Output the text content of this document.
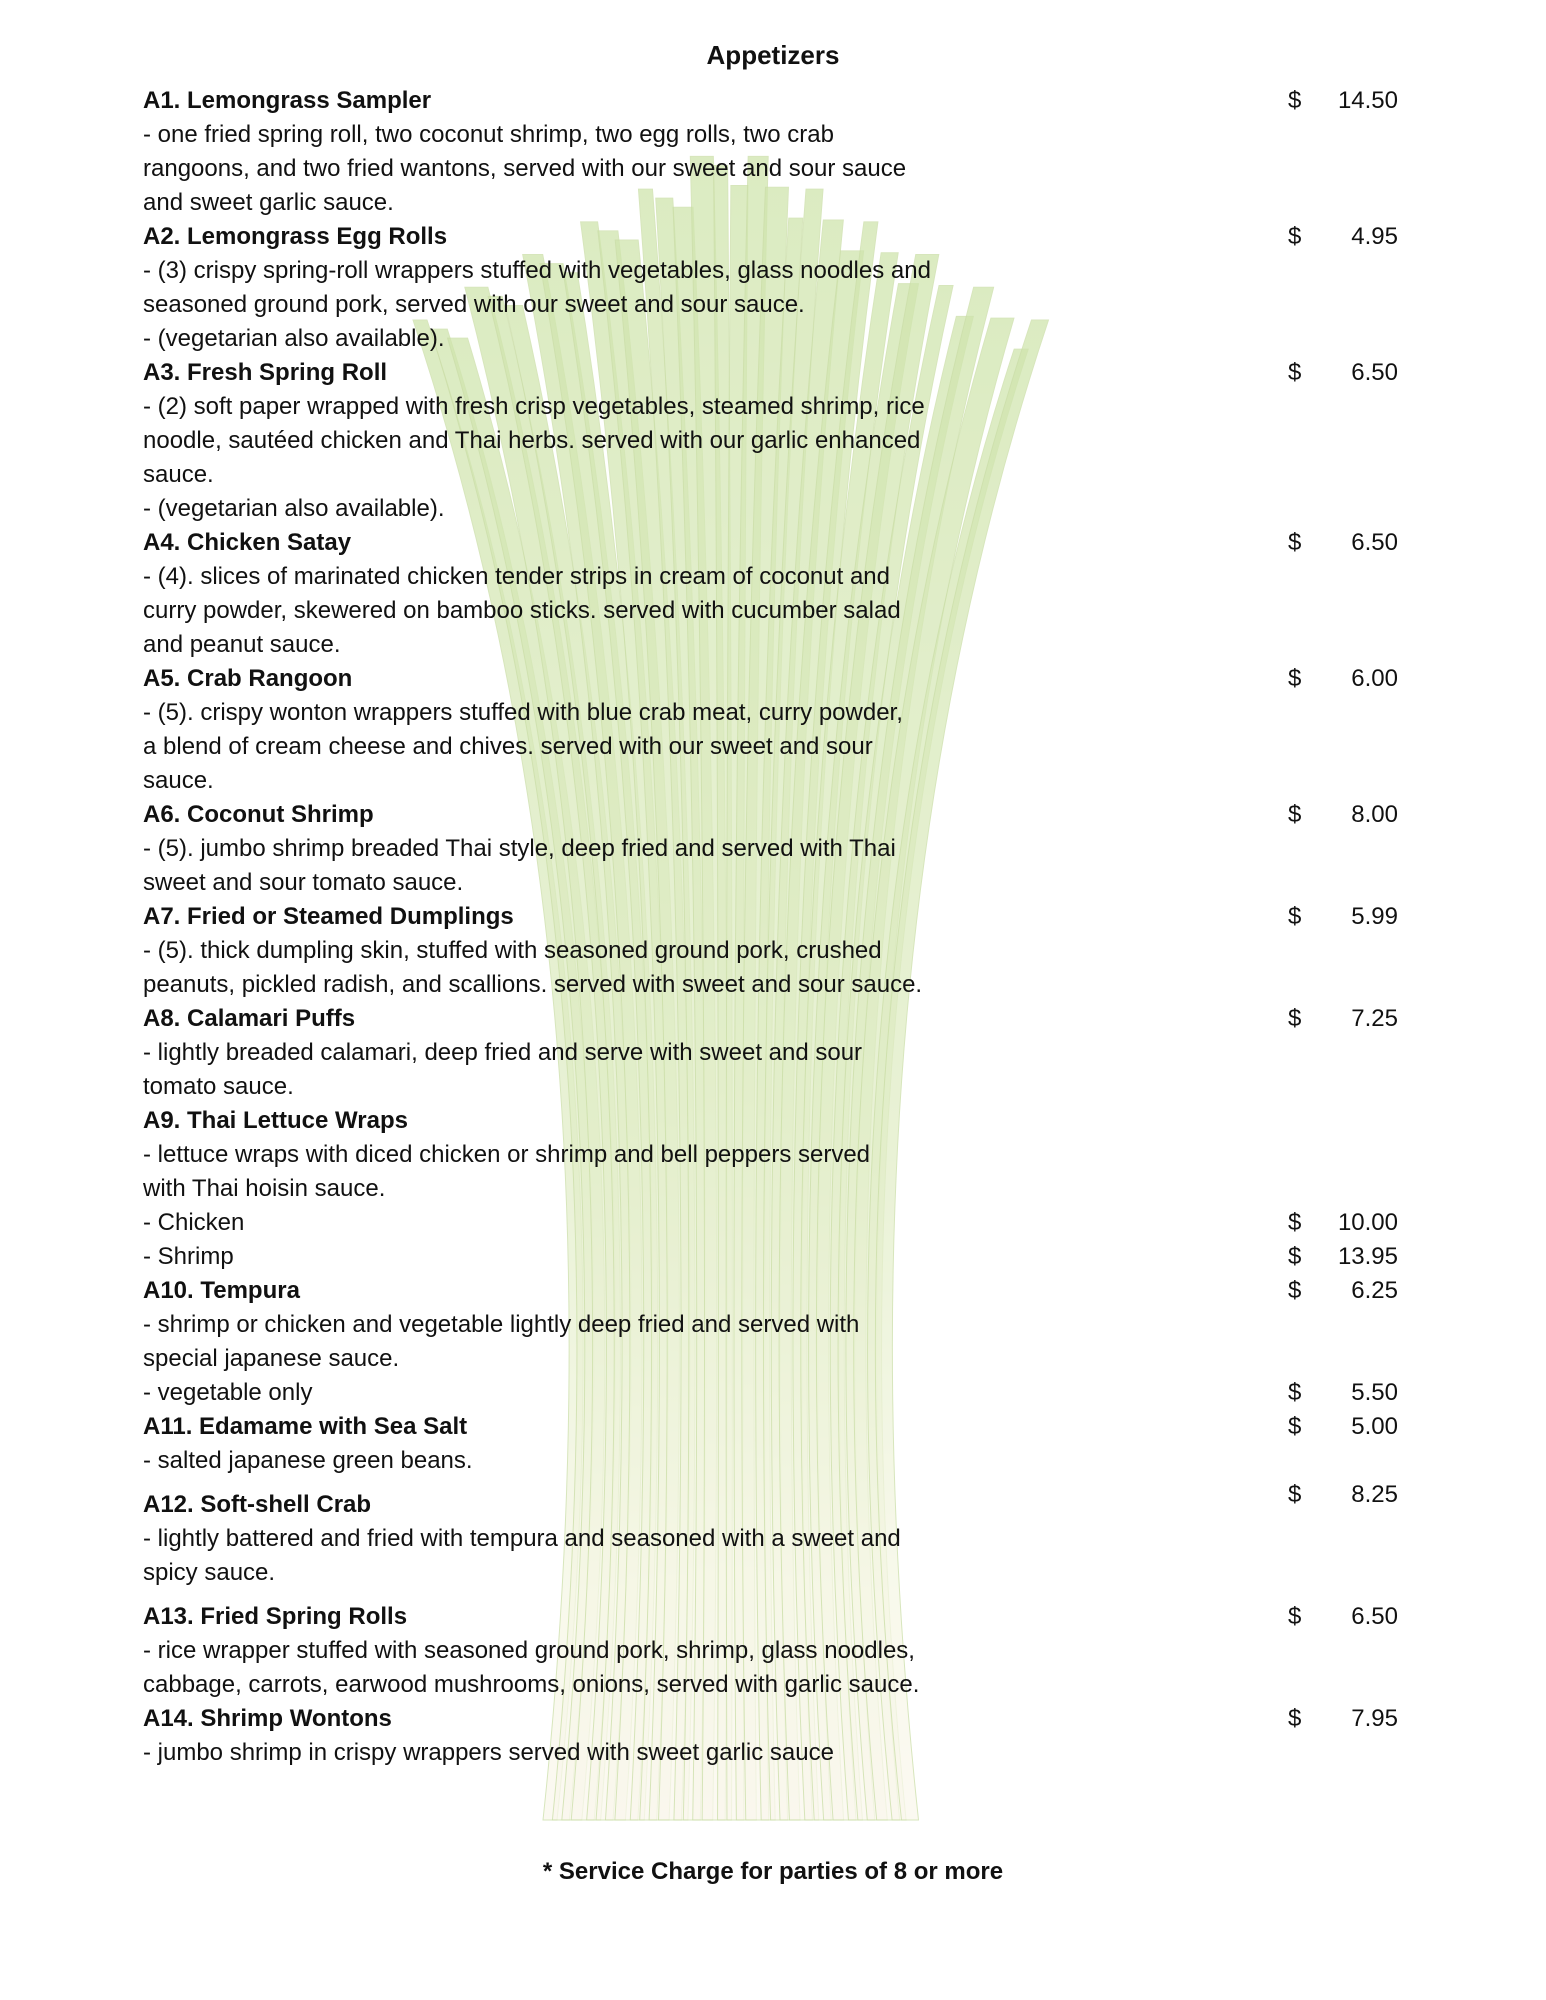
Appetizers
A1. Lemongrass Sampler	$ 14.50
- one fried spring roll, two coconut shrimp, two egg rolls, two crab
rangoons, and two fried wantons, served with our sweet and sour sauce
and sweet garlic sauce.
A2. Lemongrass Egg Rolls	$ 4.95
- (3) crispy spring-roll wrappers stuffed with vegetables, glass noodles and
seasoned ground pork, served with our sweet and sour sauce.
- (vegetarian also available).
A3. Fresh Spring Roll	$ 6.50
- (2) soft paper wrapped with fresh crisp vegetables, steamed shrimp, rice
noodle, sautéed chicken and Thai herbs. served with our garlic enhanced
sauce.
- (vegetarian also available).
A4. Chicken Satay	$ 6.50
- (4). slices of marinated chicken tender strips in cream of coconut and
curry powder, skewered on bamboo sticks. served with cucumber salad
and peanut sauce.
A5. Crab Rangoon	$ 6.00
- (5). crispy wonton wrappers stuffed with blue crab meat, curry powder,
a blend of cream cheese and chives. served with our sweet and sour
sauce.
A6. Coconut Shrimp	$ 8.00
- (5). jumbo shrimp breaded Thai style, deep fried and served with Thai
sweet and sour tomato sauce.
A7. Fried or Steamed Dumplings	$ 5.99
- (5). thick dumpling skin, stuffed with seasoned ground pork, crushed
peanuts, pickled radish, and scallions. served with sweet and sour sauce.
A8. Calamari Puffs	$ 7.25
- lightly breaded calamari, deep fried and serve with sweet and sour
tomato sauce.
A9. Thai Lettuce Wraps
- lettuce wraps with diced chicken or shrimp and bell peppers served
with Thai hoisin sauce.
- Chicken	$ 10.00
- Shrimp	$ 13.95
A10. Tempura	$ 6.25
- shrimp or chicken and vegetable lightly deep fried and served with
special japanese sauce.
- vegetable only	$ 5.50
A11. Edamame with Sea Salt	$ 5.00
- salted japanese green beans.
A12. Soft-shell Crab	$ 8.25
- lightly battered and fried with tempura and seasoned with a sweet and
spicy sauce.
A13. Fried Spring Rolls	$ 6.50
- rice wrapper stuffed with seasoned ground pork, shrimp, glass noodles,
cabbage, carrots, earwood mushrooms, onions, served with garlic sauce.
A14. Shrimp Wontons	$ 7.95
- jumbo shrimp in crispy wrappers served with sweet garlic sauce
* Service Charge for parties of 8 or more
